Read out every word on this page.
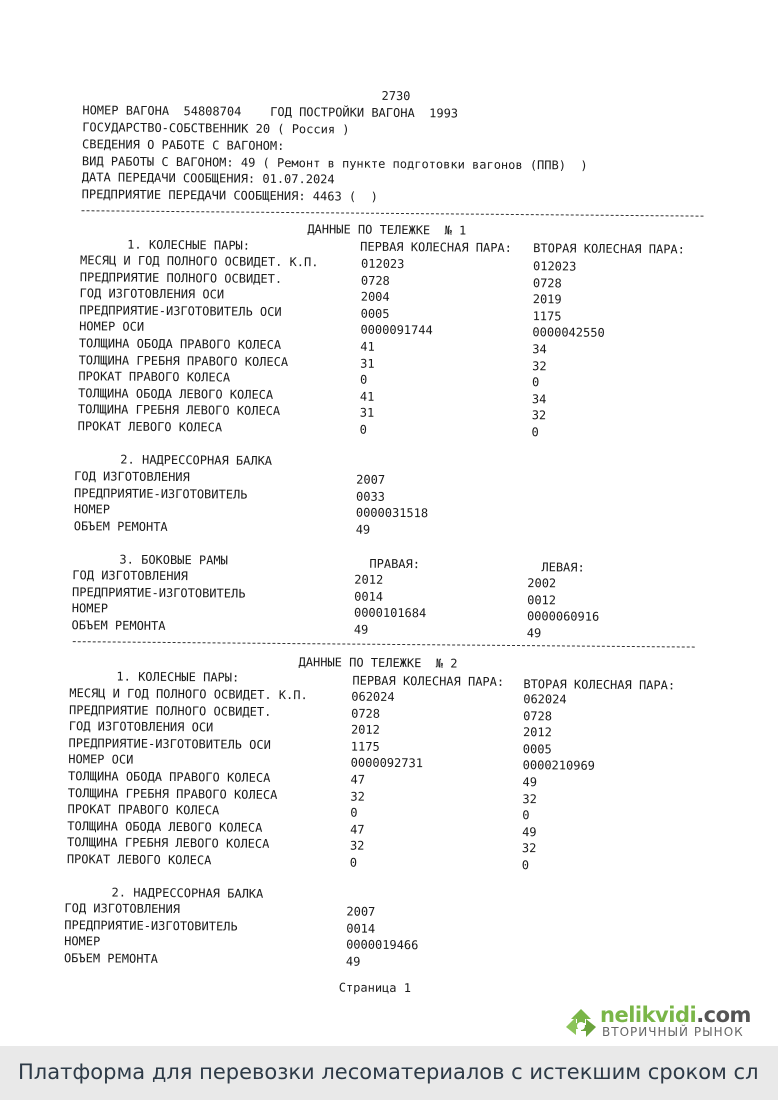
2730
НОМЕР ВАГОНА  54808704    ГОД ПОСТРОЙКИ ВАГОНА  1993
ГОСУДАРСТВО-СОБСТВЕННИК 20 ( Россия )
СВЕДЕНИЯ О РАБОТЕ С ВАГОНОМ:
ВИД РАБОТЫ С ВАГОНОМ: 49 ( Ремонт в пункте подготовки вагонов (ППВ)  )
ДАТА ПЕРЕДАЧИ СООБЩЕНИЯ: 01.07.2024
ПРЕДПРИЯТИЕ ПЕРЕДАЧИ СООБЩЕНИЯ: 4463 (  )
ДАННЫЕ ПО ТЕЛЕЖКЕ  № 1
1. КОЛЕСНЫЕ ПАРЫ:	ПЕРВАЯ КОЛЕСНАЯ ПАРА: ВТОРАЯ КОЛЕСНАЯ ПАРА:
МЕСЯЦ И ГОД ПОЛНОГО ОСВИДЕТ. К.П.	012023	012023
ПРЕДПРИЯТИЕ ПОЛНОГО ОСВИДЕТ.	0728	0728
ГОД ИЗГОТОВЛЕНИЯ ОСИ	2004	2019
ПРЕДПРИЯТИЕ-ИЗГОТОВИТЕЛЬ ОСИ	0005	1175
НОМЕР ОСИ	0000091744	0000042550
ТОЛЩИНА ОБОДА ПРАВОГО КОЛЕСА	41	34
ТОЛЩИНА ГРЕБНЯ ПРАВОГО КОЛЕСА	31	32
ПРОКАТ ПРАВОГО КОЛЕСА	0	0
ТОЛЩИНА ОБОДА ЛЕВОГО КОЛЕСА	41	34
ТОЛЩИНА ГРЕБНЯ ЛЕВОГО КОЛЕСА	31	32
ПРОКАТ ЛЕВОГО КОЛЕСА	0	0
2. НАДРЕССОРНАЯ БАЛКА
ГОД ИЗГОТОВЛЕНИЯ	2007
ПРЕДПРИЯТИЕ-ИЗГОТОВИТЕЛЬ	0033
НОМЕР	0000031518
ОБЪЕМ РЕМОНТА	49
3. БОКОВЫЕ РАМЫ	ПРАВАЯ:	ЛЕВАЯ:
ГОД ИЗГОТОВЛЕНИЯ	2012	2002
ПРЕДПРИЯТИЕ-ИЗГОТОВИТЕЛЬ	0014	0012
НОМЕР	0000101684	0000060916
ОБЪЕМ РЕМОНТА	49	49
ДАННЫЕ ПО ТЕЛЕЖКЕ  № 2
1. КОЛЕСНЫЕ ПАРЫ:	ПЕРВАЯ КОЛЕСНАЯ ПАРА: ВТОРАЯ КОЛЕСНАЯ ПАРА:
МЕСЯЦ И ГОД ПОЛНОГО ОСВИДЕТ. К.П.	062024	062024
ПРЕДПРИЯТИЕ ПОЛНОГО ОСВИДЕТ.	0728	0728
ГОД ИЗГОТОВЛЕНИЯ ОСИ	2012	2012
ПРЕДПРИЯТИЕ-ИЗГОТОВИТЕЛЬ ОСИ	1175	0005
НОМЕР ОСИ	0000092731	0000210969
ТОЛЩИНА ОБОДА ПРАВОГО КОЛЕСА	47	49
ТОЛЩИНА ГРЕБНЯ ПРАВОГО КОЛЕСА	32	32
ПРОКАТ ПРАВОГО КОЛЕСА	0	0
ТОЛЩИНА ОБОДА ЛЕВОГО КОЛЕСА	47	49
ТОЛЩИНА ГРЕБНЯ ЛЕВОГО КОЛЕСА	32	32
ПРОКАТ ЛЕВОГО КОЛЕСА	0	0
2. НАДРЕССОРНАЯ БАЛКА
ГОД ИЗГОТОВЛЕНИЯ	2007
ПРЕДПРИЯТИЕ-ИЗГОТОВИТЕЛЬ	0014
НОМЕР	0000019466
ОБЪЕМ РЕМОНТА	49
Страница 1
nelikvidi.com
ВТОРИЧНЫЙ РЫНОК
Платформа для перевозки лесоматериалов с истекшим сроком сл
